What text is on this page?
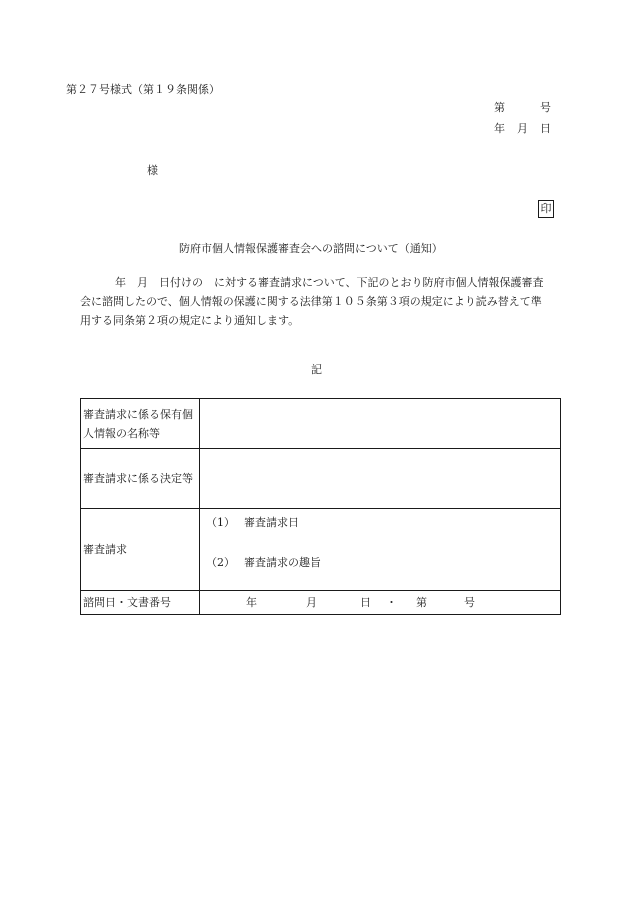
第２７号様式（第１９条関係）
第	号
年 月 日
様
印
防府市個人情報保護審査会への諮問について（通知）
年　月　日付けの　に対する審査請求について、下記のとおり防府市個人情報保護審査
会に諮問したので、個人情報の保護に関する法律第１０５条第３項の規定により読み替えて準
用する同条第２項の規定により通知します。
記
審査請求に係る保有個
人情報の名称等	

審査請求に係る決定等	
審査請求	（1） 審査請求日
（2） 審査請求の趣旨

諮問日・文書番号	年 月 日 ・ 第 号
